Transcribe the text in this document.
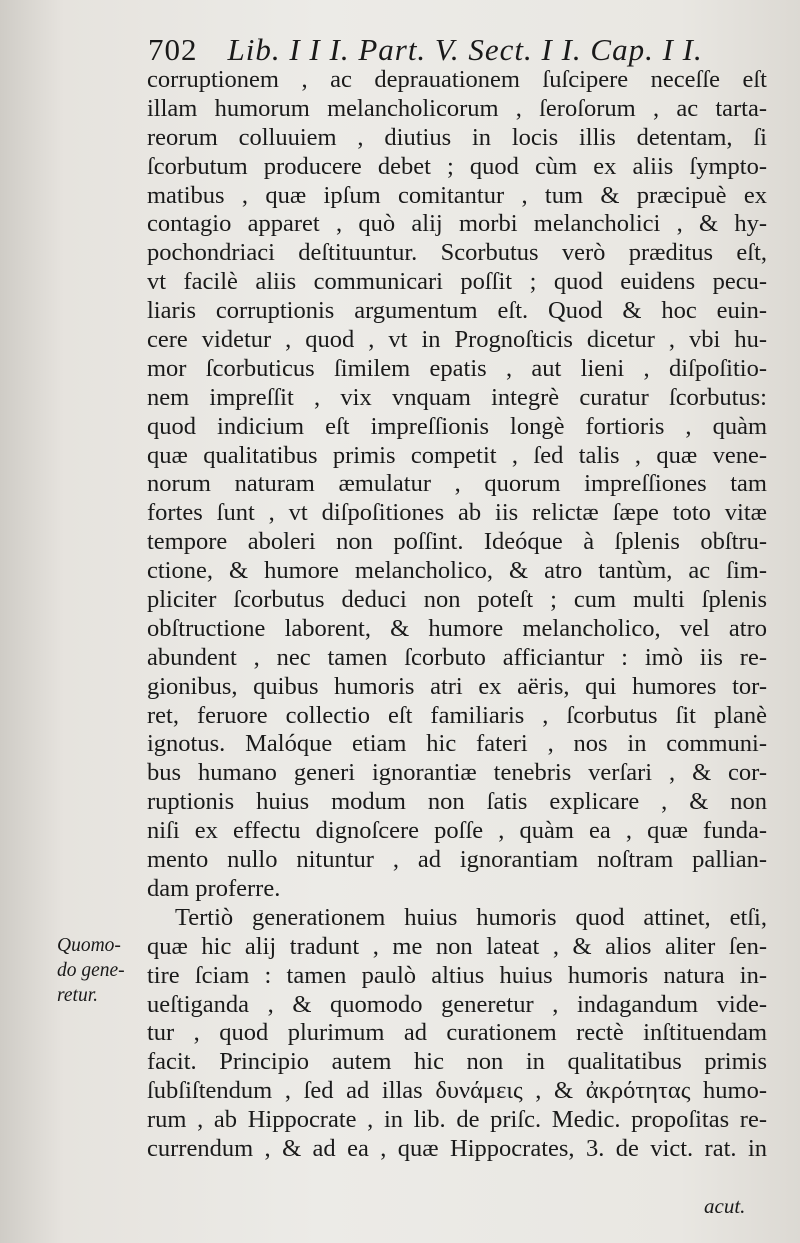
702 Lib. I I I. Part. V. Sect. I I. Cap. I I.
corruptionem , ac deprauationem ſuſcipere neceſſe eſt
illam humorum melancholicorum , ſeroſorum , ac tarta-
reorum colluuiem , diutius in locis illis detentam, ſi
ſcorbutum producere debet ; quod cùm ex aliis ſympto-
matibus , quæ ipſum comitantur , tum & præcipuè ex
contagio apparet , quò alij morbi melancholici , & hy-
pochondriaci deſtituuntur. Scorbutus verò præditus eſt,
vt facilè aliis communicari poſſit ; quod euidens pecu-
liaris corruptionis argumentum eſt. Quod & hoc euin-
cere videtur , quod , vt in Prognoſticis dicetur , vbi hu-
mor ſcorbuticus ſimilem epatis , aut lieni , diſpoſitio-
nem impreſſit , vix vnquam integrè curatur ſcorbutus:
quod indicium eſt impreſſionis longè fortioris , quàm
quæ qualitatibus primis competit , ſed talis , quæ vene-
norum naturam æmulatur , quorum impreſſiones tam
fortes ſunt , vt diſpoſitiones ab iis relictæ ſæpe toto vitæ
tempore aboleri non poſſint. Ideóque à ſplenis obſtru-
ctione, & humore melancholico, & atro tantùm, ac ſim-
pliciter ſcorbutus deduci non poteſt ; cum multi ſplenis
obſtructione laborent, & humore melancholico, vel atro
abundent , nec tamen ſcorbuto afficiantur : imò iis re-
gionibus, quibus humoris atri ex aëris, qui humores tor-
ret, feruore collectio eſt familiaris , ſcorbutus ſit planè
ignotus. Malóque etiam hic fateri , nos in communi-
bus humano generi ignorantiæ tenebris verſari , & cor-
ruptionis huius modum non ſatis explicare , & non
niſi ex effectu dignoſcere poſſe , quàm ea , quæ funda-
mento nullo nituntur , ad ignorantiam noſtram pallian-
dam proferre.
Tertiò generationem huius humoris quod attinet, etſi,
quæ hic alij tradunt , me non lateat , & alios aliter ſen-
tire ſciam : tamen paulò altius huius humoris natura in-
ueſtiganda , & quomodo generetur , indagandum vide-
tur , quod plurimum ad curationem rectè inſtituendam
facit. Principio autem hic non in qualitatibus primis
ſubſiſtendum , ſed ad illas δυνάμεις , & ἀκρότητας humo-
rum , ab Hippocrate , in lib. de priſc. Medic. propoſitas re-
currendum , & ad ea , quæ Hippocrates, 3. de vict. rat. in
Quomo-
do gene-
retur.
acut.
